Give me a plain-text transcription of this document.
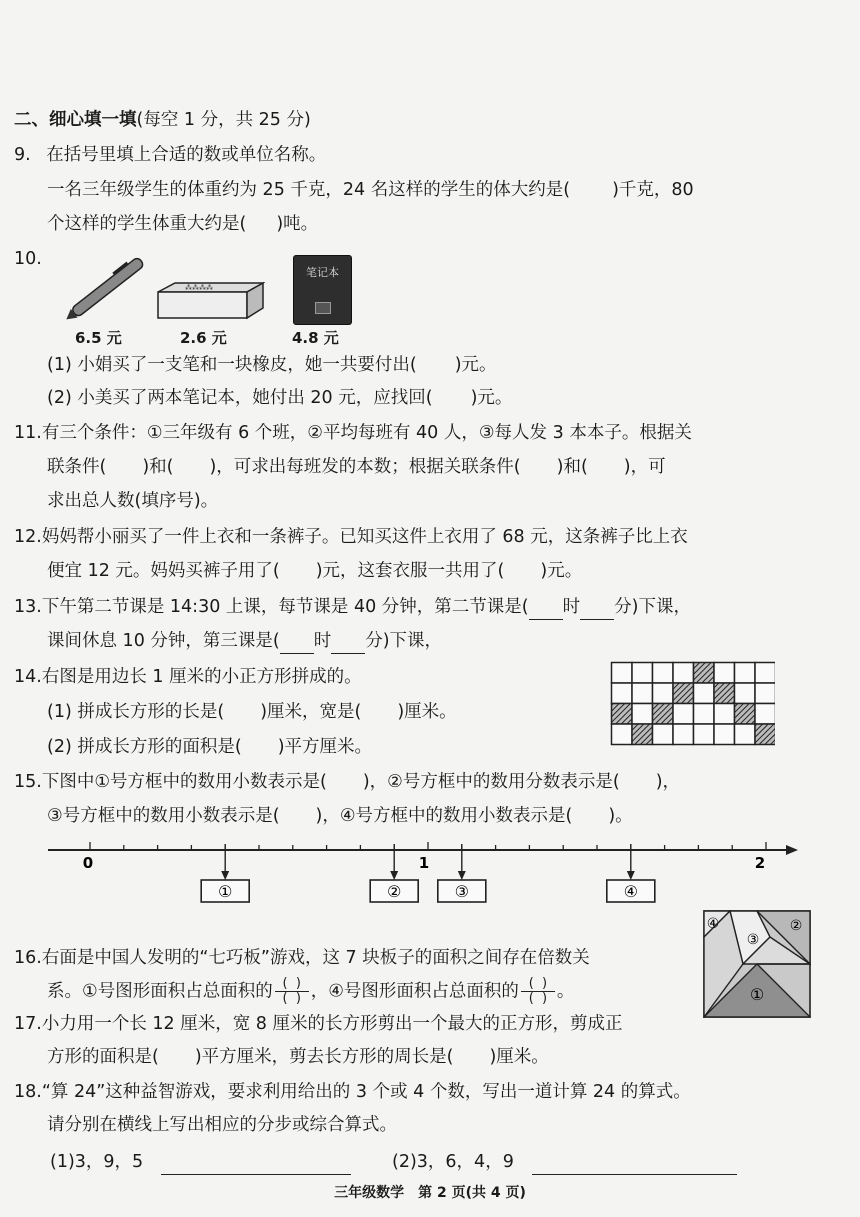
二、细心填一填(每空 1 分，共 25 分)
9. 在括号里填上合适的数或单位名称。
一名三年级学生的体重约为 25 千克，24 名这样的学生的体大约是( )千克，80
个这样的学生体重大约是( )吨。
10.
⁂⁂⁂⁂
笔记本
6.5 元	2.6 元	4.8 元
(1) 小娟买了一支笔和一块橡皮，她一共要付出( )元。
(2) 小美买了两本笔记本，她付出 20 元，应找回( )元。
11.有三个条件：①三年级有 6 个班，②平均每班有 40 人，③每人发 3 本本子。根据关
联条件( )和( )，可求出每班发的本数；根据关联条件( )和( )，可
求出总人数(填序号)。
12.妈妈帮小丽买了一件上衣和一条裤子。已知买这件上衣用了 68 元，这条裤子比上衣
便宜 12 元。妈妈买裤子用了( )元，这套衣服一共用了( )元。
13.下午第二节课是 14:30 上课，每节课是 40 分钟，第二节课是( 时 分)下课，
课间休息 10 分钟，第三课是( 时 分)下课，
14.右图是用边长 1 厘米的小正方形拼成的。
(1) 拼成长方形的长是( )厘米，宽是( )厘米。
(2) 拼成长方形的面积是( )平方厘米。
15.下图中①号方框中的数用小数表示是( )，②号方框中的数用分数表示是( )，
③号方框中的数用小数表示是( )，④号方框中的数用小数表示是( )。
0	1	2
①	②	③	④
16.右面是中国人发明的“七巧板”游戏，这 7 块板子的面积之间存在倍数关
系。①号图形面积占总面积的 $\frac{( )}{( )}$ ，④号图形面积占总面积的 $\frac{( )}{( )}$ 。
④
③
②
①
17.小力用一个长 12 厘米，宽 8 厘米的长方形剪出一个最大的正方形，剪成正
方形的面积是( )平方厘米，剪去长方形的周长是( )厘米。
18.“算 24”这种益智游戏，要求利用给出的 3 个或 4 个数，写出一道计算 24 的算式。
请分别在横线上写出相应的分步或综合算式。
(1)3，9，5	(2)3，6，4，9
三年级数学　第 2 页(共 4 页)
